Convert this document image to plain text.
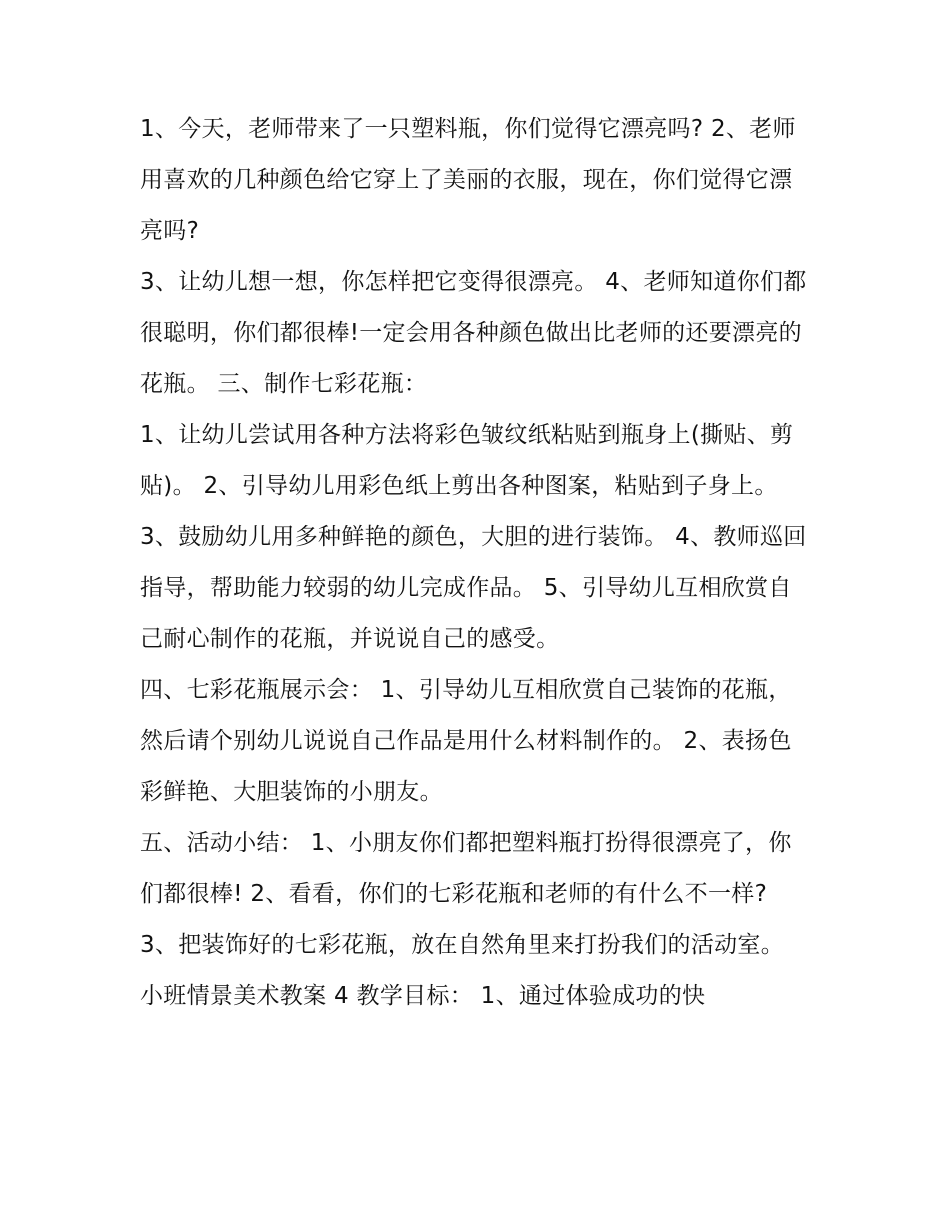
1、今天，老师带来了一只塑料瓶，你们觉得它漂亮吗? 2、老师用喜欢的几种颜色给它穿上了美丽的衣服，现在，你们觉得它漂亮吗?

3、让幼儿想一想，你怎样把它变得很漂亮。 4、老师知道你们都很聪明，你们都很棒!一定会用各种颜色做出比老师的还要漂亮的花瓶。 三、制作七彩花瓶：

1、让幼儿尝试用各种方法将彩色皱纹纸粘贴到瓶身上(撕贴、剪贴)。 2、引导幼儿用彩色纸上剪出各种图案，粘贴到子身上。

3、鼓励幼儿用多种鲜艳的颜色，大胆的进行装饰。 4、教师巡回指导，帮助能力较弱的幼儿完成作品。 5、引导幼儿互相欣赏自己耐心制作的花瓶，并说说自己的感受。

四、七彩花瓶展示会： 1、引导幼儿互相欣赏自己装饰的花瓶，然后请个别幼儿说说自己作品是用什么材料制作的。 2、表扬色彩鲜艳、大胆装饰的小朋友。

五、活动小结： 1、小朋友你们都把塑料瓶打扮得很漂亮了，你们都很棒! 2、看看，你们的七彩花瓶和老师的有什么不一样?

3、把装饰好的七彩花瓶，放在自然角里来打扮我们的活动室。 小班情景美术教案 4 教学目标： 1、通过体验成功的快
